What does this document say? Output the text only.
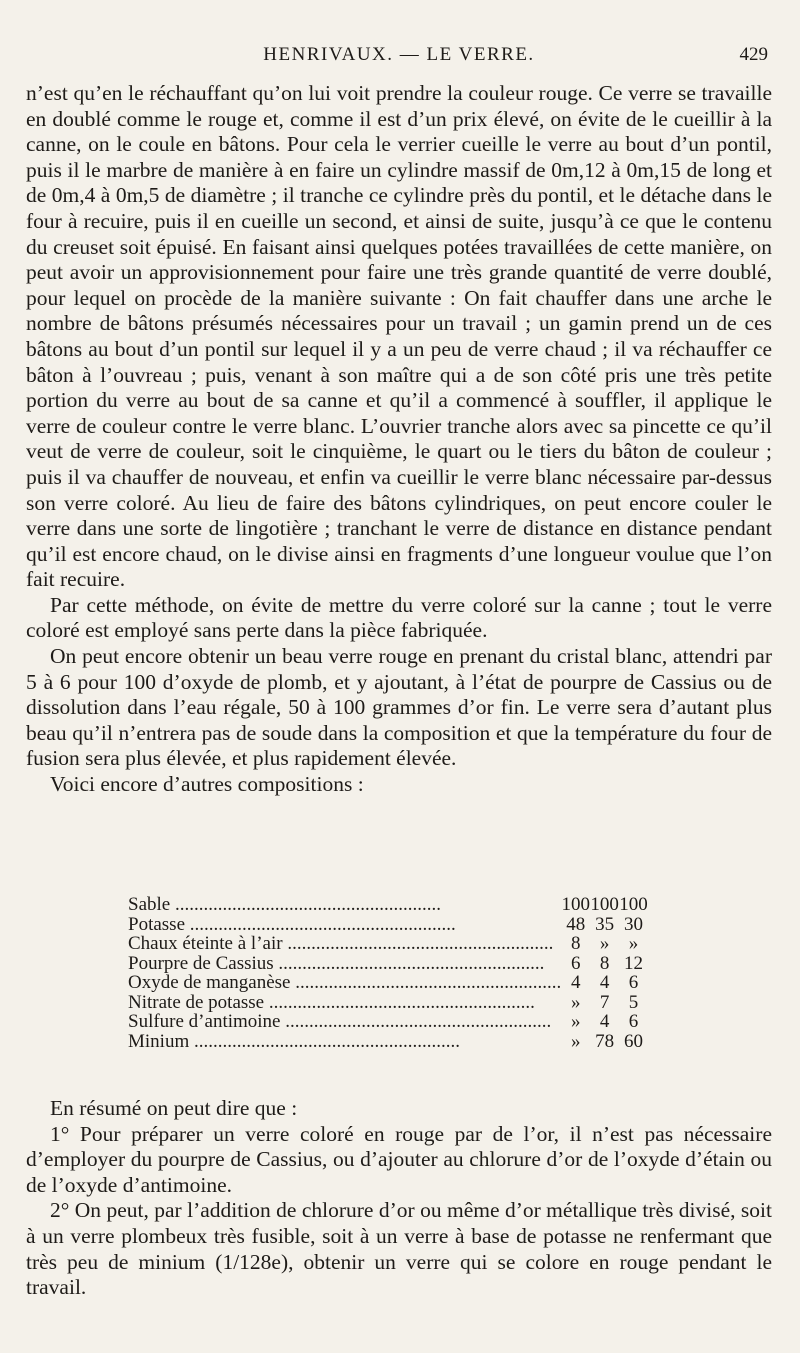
HENRIVAUX. — LE VERRE.	429

n’est qu’en le réchauffant qu’on lui voit prendre la couleur rouge. Ce verre se travaille en doublé comme le rouge et, comme il est d’un prix élevé, on évite de le cueillir à la canne, on le coule en bâtons. Pour cela le verrier cueille le verre au bout d’un pontil, puis il le marbre de manière à en faire un cylindre massif de 0m,12 à 0m,15 de long et de 0m,4 à 0m,5 de diamètre ; il tranche ce cylindre près du pontil, et le détache dans le four à recuire, puis il en cueille un second, et ainsi de suite, jusqu’à ce que le contenu du creuset soit épuisé. En faisant ainsi quelques potées travaillées de cette manière, on peut avoir un approvisionnement pour faire une très grande quantité de verre doublé, pour lequel on procède de la manière suivante : On fait chauffer dans une arche le nombre de bâtons présumés nécessaires pour un travail ; un gamin prend un de ces bâtons au bout d’un pontil sur lequel il y a un peu de verre chaud ; il va réchauffer ce bâton à l’ouvreau ; puis, venant à son maître qui a de son côté pris une très petite portion du verre au bout de sa canne et qu’il a commencé à souffler, il applique le verre de couleur contre le verre blanc. L’ouvrier tranche alors avec sa pincette ce qu’il veut de verre de couleur, soit le cinquième, le quart ou le tiers du bâton de couleur ; puis il va chauffer de nouveau, et enfin va cueillir le verre blanc nécessaire par-dessus son verre coloré. Au lieu de faire des bâtons cylindriques, on peut encore couler le verre dans une sorte de lingotière ; tranchant le verre de distance en distance pendant qu’il est encore chaud, on le divise ainsi en fragments d’une longueur voulue que l’on fait recuire.

Par cette méthode, on évite de mettre du verre coloré sur la canne ; tout le verre coloré est employé sans perte dans la pièce fabriquée.

On peut encore obtenir un beau verre rouge en prenant du cristal blanc, attendri par 5 à 6 pour 100 d’oxyde de plomb, et y ajoutant, à l’état de pourpre de Cassius ou de dissolution dans l’eau régale, 50 à 100 grammes d’or fin. Le verre sera d’autant plus beau qu’il n’entrera pas de soude dans la composition et que la température du four de fusion sera plus élevée, et plus rapidement élevée.

Voici encore d’autres compositions :

Sable .....	100	100	100
Potasse .....	48	35	30
Chaux éteinte à l’air .....	8	»	»
Pourpre de Cassius .....	6	8	12
Oxyde de manganèse .....	4	4	6
Nitrate de potasse .....	»	7	5
Sulfure d’antimoine .....	»	4	6
Minium .....	»	78	60

En résumé on peut dire que :

1° Pour préparer un verre coloré en rouge par de l’or, il n’est pas nécessaire d’employer du pourpre de Cassius, ou d’ajouter au chlorure d’or de l’oxyde d’étain ou de l’oxyde d’antimoine.

2° On peut, par l’addition de chlorure d’or ou même d’or métallique très divisé, soit à un verre plombeux très fusible, soit à un verre à base de potasse ne renfermant que très peu de minium (1/128e), obtenir un verre qui se colore en rouge pendant le travail.
